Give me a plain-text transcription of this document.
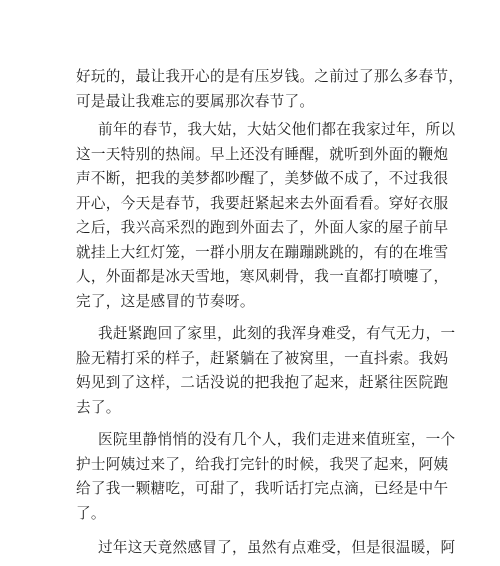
好玩的，最让我开心的是有压岁钱。之前过了那么多春节，
可是最让我难忘的要属那次春节了。
前年的春节，我大姑，大姑父他们都在我家过年，所以
这一天特别的热闹。早上还没有睡醒，就听到外面的鞭炮
声不断，把我的美梦都吵醒了，美梦做不成了，不过我很
开心，今天是春节，我要赶紧起来去外面看看。穿好衣服
之后，我兴高采烈的跑到外面去了，外面人家的屋子前早
就挂上大红灯笼，一群小朋友在蹦蹦跳跳的，有的在堆雪
人，外面都是冰天雪地，寒风刺骨，我一直都打喷嚏了，
完了，这是感冒的节奏呀。
我赶紧跑回了家里，此刻的我浑身难受，有气无力，一
脸无精打采的样子，赶紧躺在了被窝里，一直抖索。我妈
妈见到了这样，二话没说的把我抱了起来，赶紧往医院跑
去了。
医院里静悄悄的没有几个人，我们走进来值班室，一个
护士阿姨过来了，给我打完针的时候，我哭了起来，阿姨
给了我一颗糖吃，可甜了，我听话打完点滴，已经是中午
了。
过年这天竟然感冒了，虽然有点难受，但是很温暖，阿
